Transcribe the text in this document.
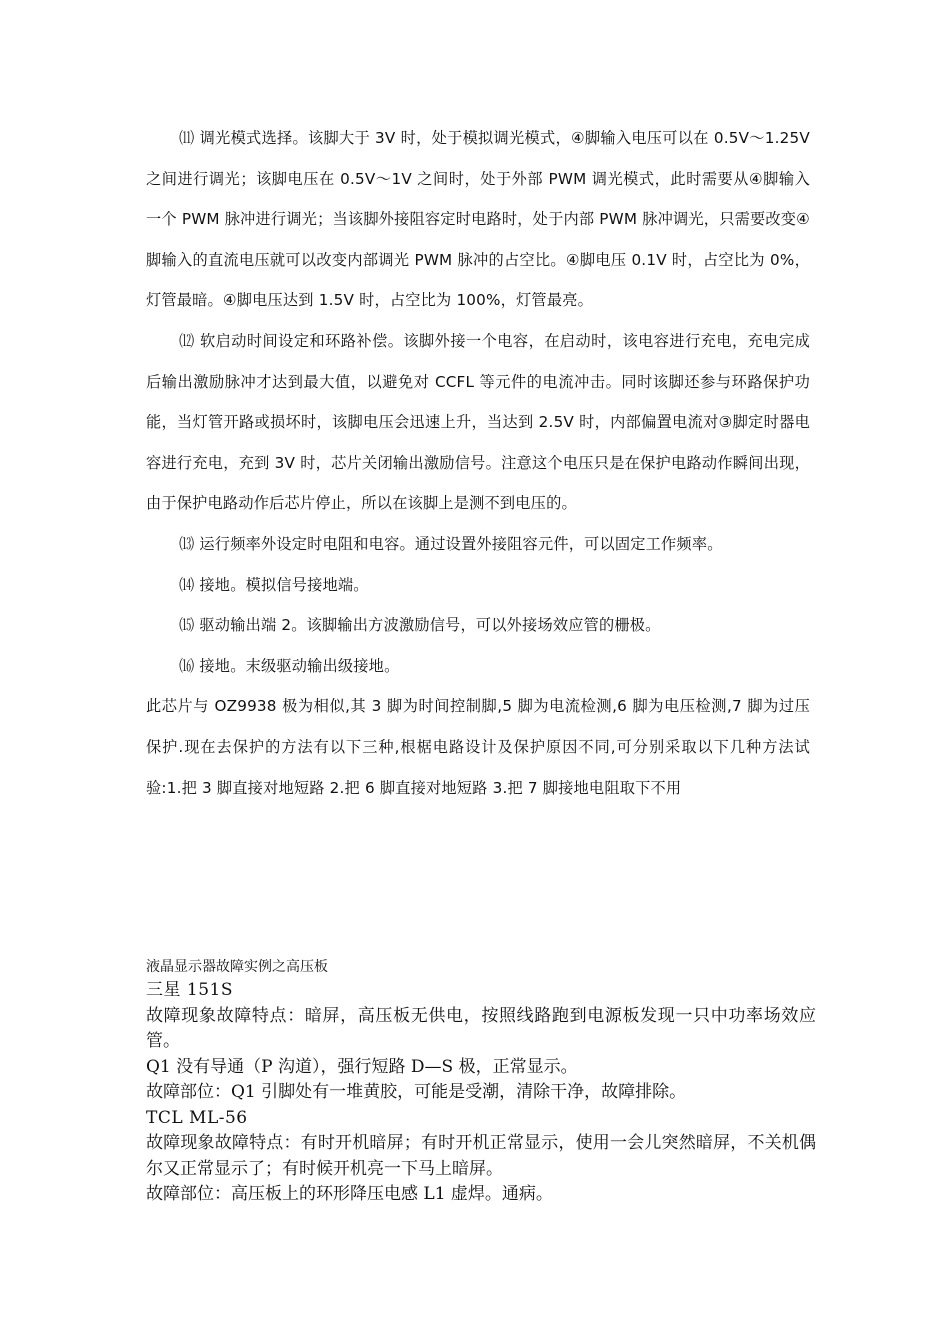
⑾ 调光模式选择。该脚大于 3V 时，处于模拟调光模式，④脚输入电压可以在 0.5V～1.25V 之间进行调光；该脚电压在 0.5V～1V 之间时，处于外部 PWM 调光模式，此时需要从④脚输入一个 PWM 脉冲进行调光；当该脚外接阻容定时电路时，处于内部 PWM 脉冲调光，只需要改变④脚输入的直流电压就可以改变内部调光 PWM 脉冲的占空比。④脚电压 0.1V 时，占空比为 0%，灯管最暗。④脚电压达到 1.5V 时，占空比为 100%，灯管最亮。

⑿ 软启动时间设定和环路补偿。该脚外接一个电容，在启动时，该电容进行充电，充电完成后输出激励脉冲才达到最大值，以避免对 CCFL 等元件的电流冲击。同时该脚还参与环路保护功能，当灯管开路或损坏时，该脚电压会迅速上升，当达到 2.5V 时，内部偏置电流对③脚定时器电容进行充电，充到 3V 时，芯片关闭输出激励信号。注意这个电压只是在保护电路动作瞬间出现，由于保护电路动作后芯片停止，所以在该脚上是测不到电压的。

⒀ 运行频率外设定时电阻和电容。通过设置外接阻容元件，可以固定工作频率。

⒁ 接地。模拟信号接地端。

⒂ 驱动输出端 2。该脚输出方波激励信号，可以外接场效应管的栅极。

⒃ 接地。末级驱动输出级接地。

此芯片与 OZ9938 极为相似,其 3 脚为时间控制脚,5 脚为电流检测,6 脚为电压检测,7 脚为过压保护.现在去保护的方法有以下三种,根椐电路设计及保护原因不同,可分别采取以下几种方法试验:1.把 3 脚直接对地短路 2.把 6 脚直接对地短路 3.把 7 脚接地电阻取下不用

液晶显示器故障实例之高压板

三星 151S

故障现象故障特点：暗屏，高压板无供电，按照线路跑到电源板发现一只中功率场效应管。

Q1 没有导通（P 沟道），强行短路 D—S 极，正常显示。

故障部位：Q1 引脚处有一堆黄胶，可能是受潮，清除干净，故障排除。

TCL ML-56

故障现象故障特点：有时开机暗屏；有时开机正常显示，使用一会儿突然暗屏，不关机偶尔又正常显示了；有时候开机亮一下马上暗屏。

故障部位：高压板上的环形降压电感 L1 虚焊。通病。
